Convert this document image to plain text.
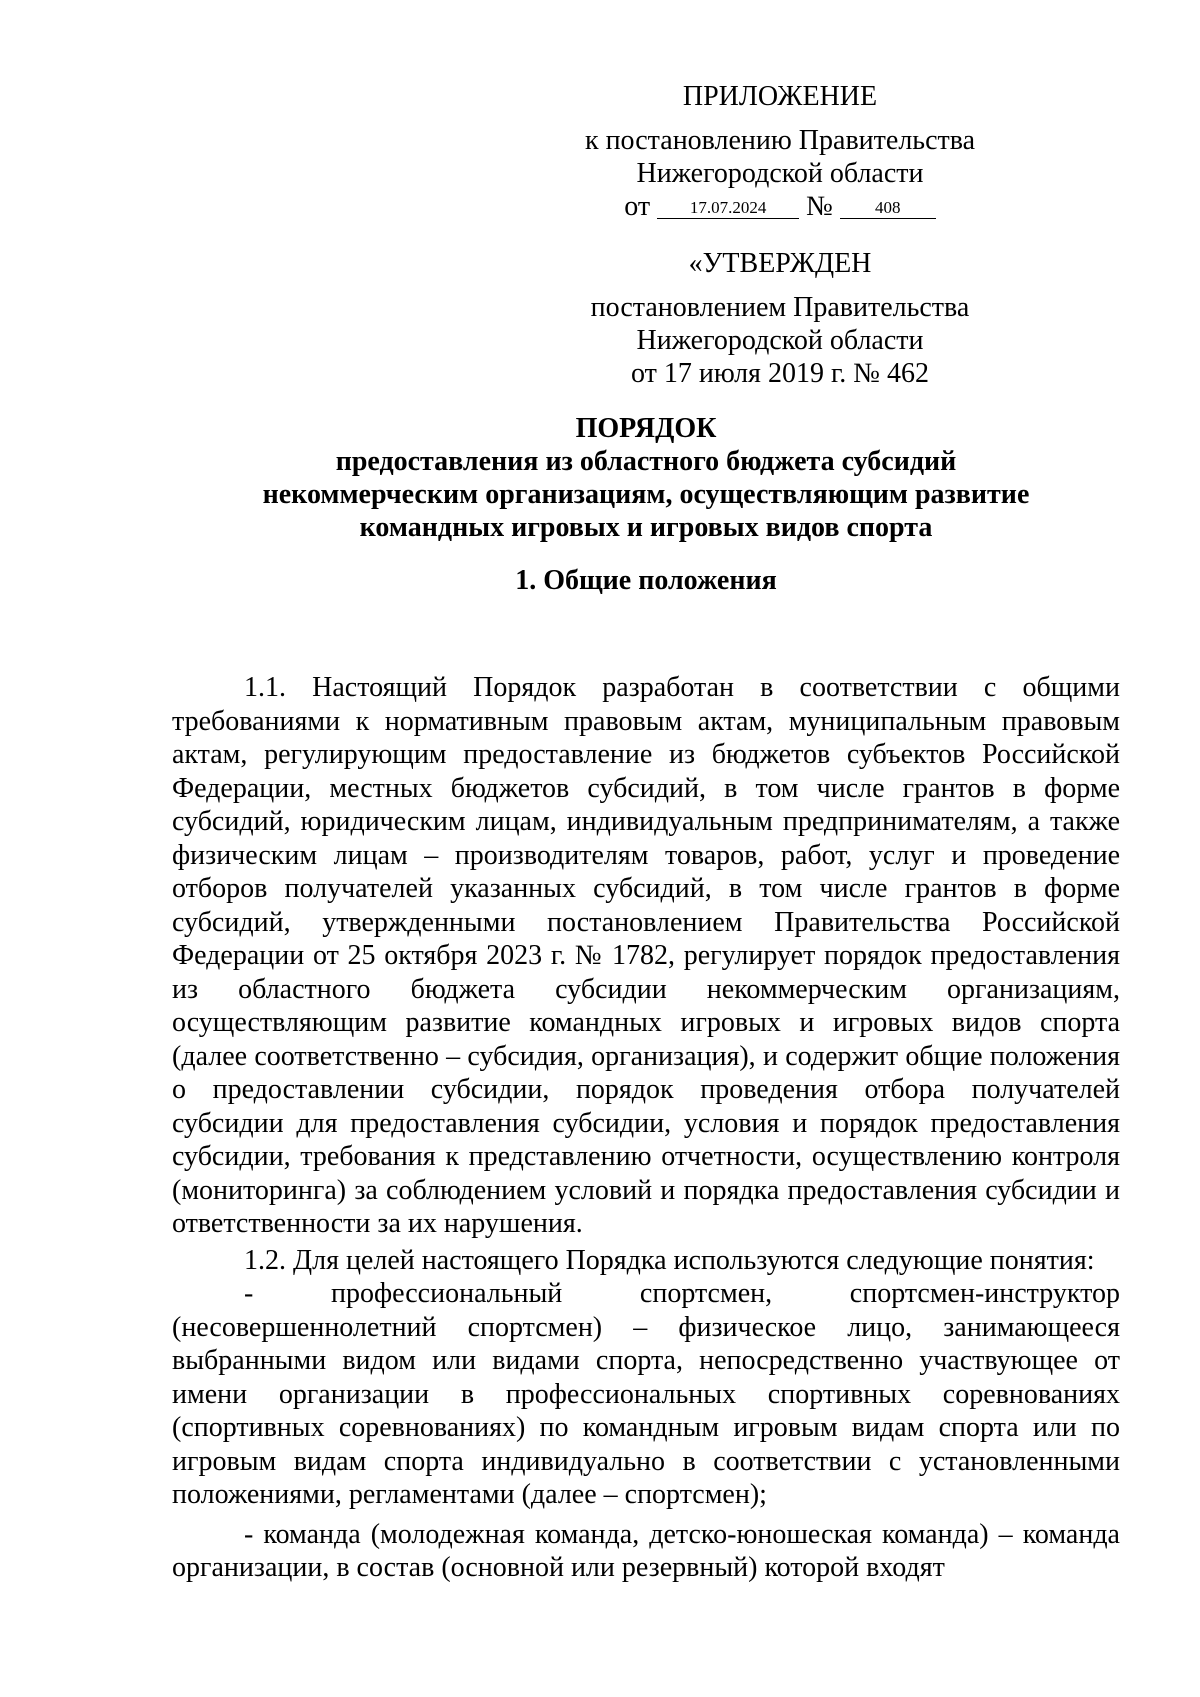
ПРИЛОЖЕНИЕ
к постановлению Правительства
Нижегородской области
от 17.07.2024 № 408
«УТВЕРЖДЕН
постановлением Правительства
Нижегородской области
от 17 июля 2019 г. № 462
ПОРЯДОК
предоставления из областного бюджета субсидий
некоммерческим организациям, осуществляющим развитие
командных игровых и игровых видов спорта
1. Общие положения

1.1. Настоящий Порядок разработан в соответствии с общими требованиями к нормативным правовым актам, муниципальным правовым актам, регулирующим предоставление из бюджетов субъектов Российской Федерации, местных бюджетов субсидий, в том числе грантов в форме субсидий, юридическим лицам, индивидуальным предпринимателям, а также физическим лицам – производителям товаров, работ, услуг и проведение отборов получателей указанных субсидий, в том числе грантов в форме субсидий, утвержденными постановлением Правительства Российской Федерации от 25 октября 2023 г. № 1782, регулирует порядок предоставления из областного бюджета субсидии некоммерческим организациям, осуществляющим развитие командных игровых и игровых видов спорта (далее соответственно – субсидия, организация), и содержит общие положения о предоставлении субсидии, порядок проведения отбора получателей субсидии для предоставления субсидии, условия и порядок предоставления субсидии, требования к представлению отчетности, осуществлению контроля (мониторинга) за соблюдением условий и порядка предоставления субсидии и ответственности за их нарушения.

1.2. Для целей настоящего Порядка используются следующие понятия:

- профессиональный спортсмен, спортсмен-инструктор (несовершеннолетний спортсмен) – физическое лицо, занимающееся выбранными видом или видами спорта, непосредственно участвующее от имени организации в профессиональных спортивных соревнованиях (спортивных соревнованиях) по командным игровым видам спорта или по игровым видам спорта индивидуально в соответствии с установленными положениями, регламентами (далее – спортсмен);

- команда (молодежная команда, детско-юношеская команда) – команда организации, в состав (основной или резервный) которой входят
